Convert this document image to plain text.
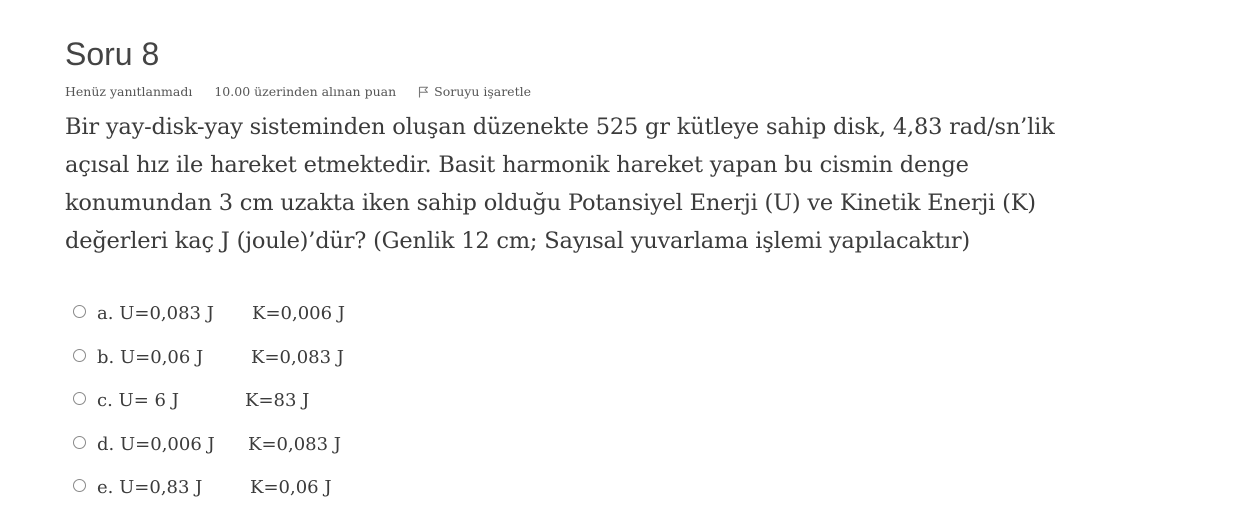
Soru 8
Henüz yanıtlanmadı 10.00 üzerinden alınan puan	Soruyu işaretle
Bir yay-disk-yay sisteminden oluşan düzenekte 525 gr kütleye sahip disk, 4,83 rad/sn’lik
açısal hız ile hareket etmektedir. Basit harmonik hareket yapan bu cismin denge
konumundan 3 cm uzakta iken sahip olduğu Potansiyel Enerji (U) ve Kinetik Enerji (K)
değerleri kaç J (joule)’dür? (Genlik 12 cm; Sayısal yuvarlama işlemi yapılacaktır)
a.
U=0,083 J K=0,006 J
b.
U=0,06 J	K=0,083 J
c.
U= 6 J	K=83 J
d.
U=0,006 J K=0,083 J
e.
U=0,83 J	K=0,06 J
